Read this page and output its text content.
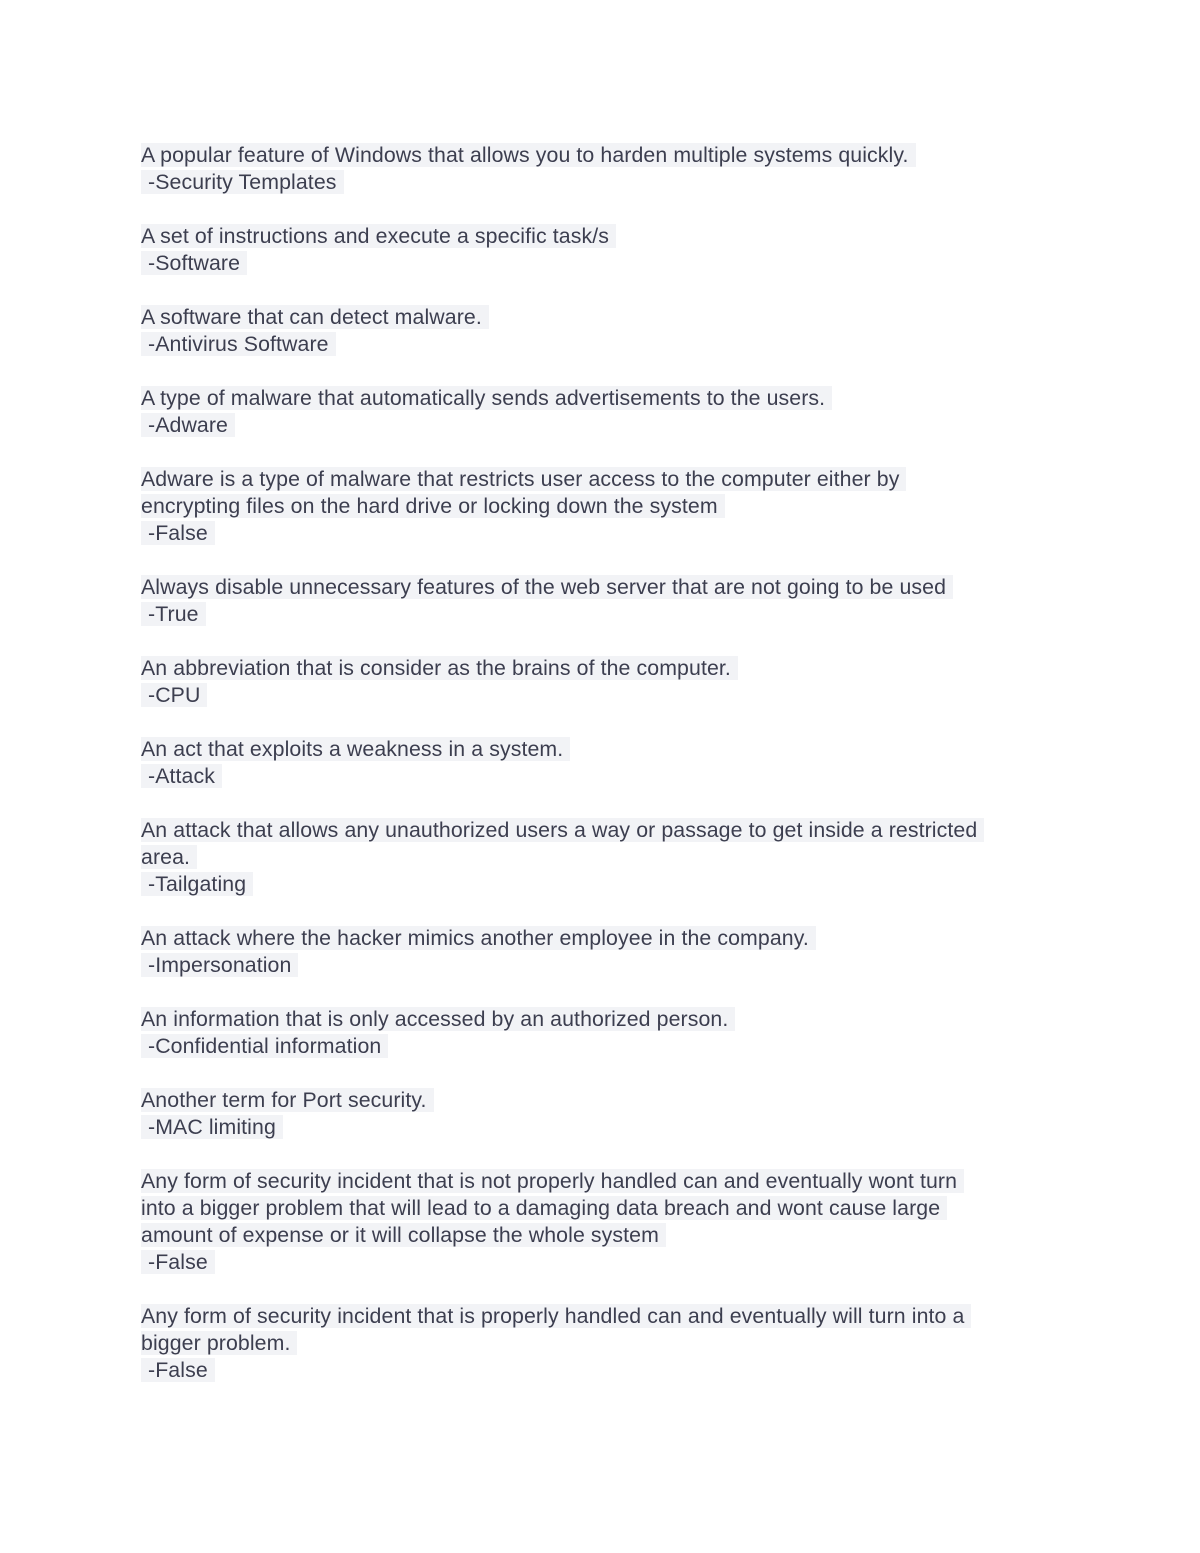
A popular feature of Windows that allows you to harden multiple systems quickly.
-Security Templates
A set of instructions and execute a specific task/s
-Software
A software that can detect malware.
-Antivirus Software
A type of malware that automatically sends advertisements to the users.
-Adware
Adware is a type of malware that restricts user access to the computer either by
encrypting files on the hard drive or locking down the system
-False
Always disable unnecessary features of the web server that are not going to be used
-True
An abbreviation that is consider as the brains of the computer.
-CPU
An act that exploits a weakness in a system.
-Attack
An attack that allows any unauthorized users a way or passage to get inside a restricted
area.
-Tailgating
An attack where the hacker mimics another employee in the company.
-Impersonation
An information that is only accessed by an authorized person.
-Confidential information
Another term for Port security.
-MAC limiting
Any form of security incident that is not properly handled can and eventually wont turn
into a bigger problem that will lead to a damaging data breach and wont cause large
amount of expense or it will collapse the whole system
-False
Any form of security incident that is properly handled can and eventually will turn into a
bigger problem.
-False
